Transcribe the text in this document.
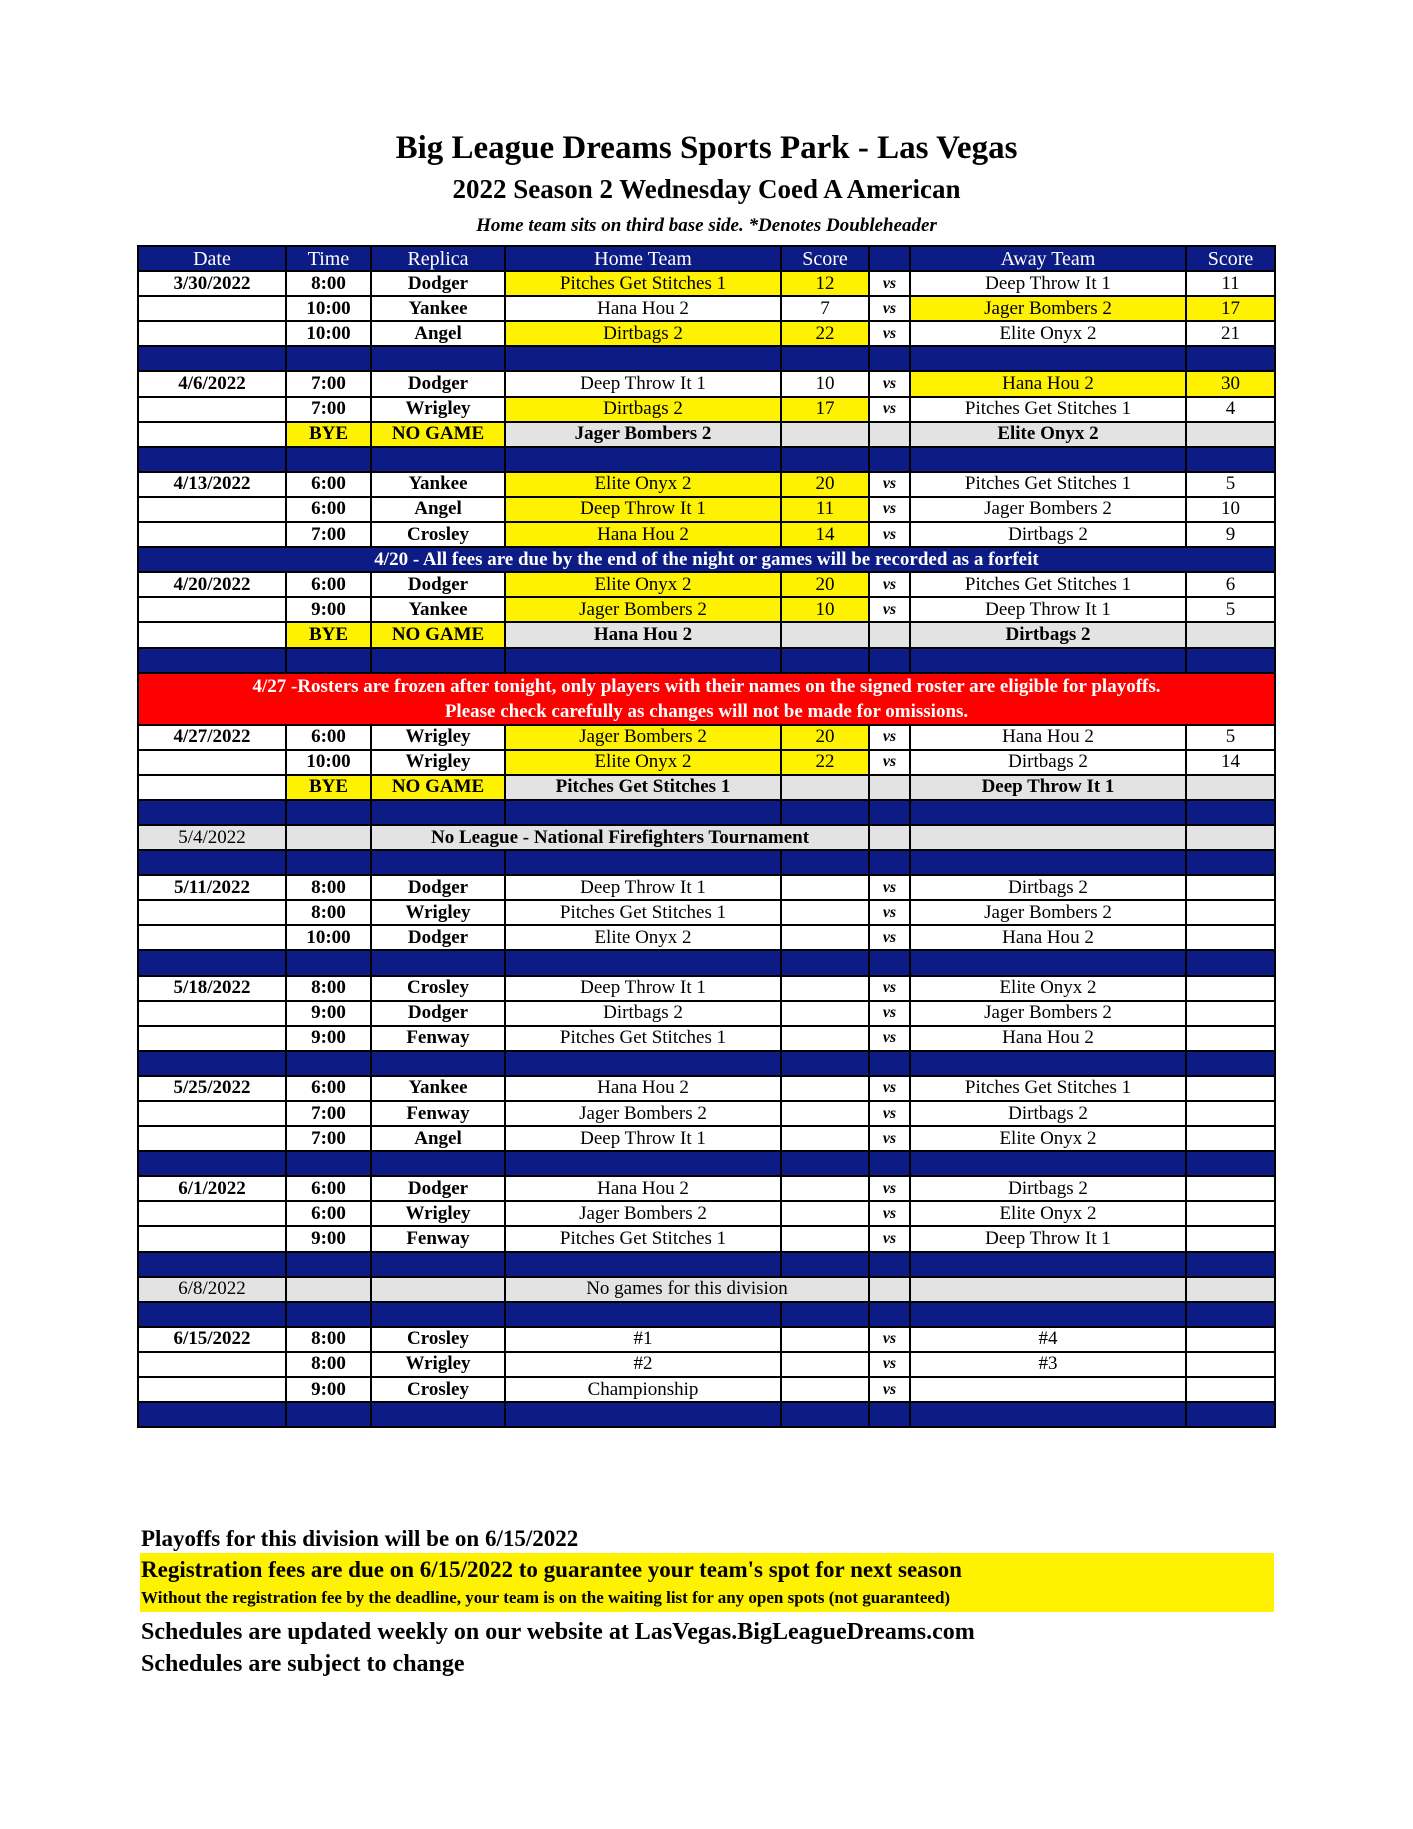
Big League Dreams Sports Park - Las Vegas
2022 Season 2 Wednesday Coed A American
Home team sits on third base side. *Denotes Doubleheader
Date	Time	Replica	Home Team	Score		Away Team	Score
3/30/2022	8:00	Dodger	Pitches Get Stitches 1	12	vs	Deep Throw It 1	11
	10:00	Yankee	Hana Hou 2	7	vs	Jager Bombers 2	17
	10:00	Angel	Dirtbags 2	22	vs	Elite Onyx 2	21

4/6/2022	7:00	Dodger	Deep Throw It 1	10	vs	Hana Hou 2	30
	7:00	Wrigley	Dirtbags 2	17	vs	Pitches Get Stitches 1	4
	BYE	NO GAME	Jager Bombers 2			Elite Onyx 2	

4/13/2022	6:00	Yankee	Elite Onyx 2	20	vs	Pitches Get Stitches 1	5
	6:00	Angel	Deep Throw It 1	11	vs	Jager Bombers 2	10
	7:00	Crosley	Hana Hou 2	14	vs	Dirtbags 2	9
4/20 - All fees are due by the end of the night or games will be recorded as a forfeit							
4/20/2022	6:00	Dodger	Elite Onyx 2	20	vs	Pitches Get Stitches 1	6
	9:00	Yankee	Jager Bombers 2	10	vs	Deep Throw It 1	5
	BYE	NO GAME	Hana Hou 2			Dirtbags 2	

4/27 -Rosters are frozen after tonight, only players with their names on the signed roster are eligible for playoffs.
Please check carefully as changes will not be made for omissions.							

4/27/2022	6:00	Wrigley	Jager Bombers 2	20	vs	Hana Hou 2	5
	10:00	Wrigley	Elite Onyx 2	22	vs	Dirtbags 2	14
	BYE	NO GAME	Pitches Get Stitches 1			Deep Throw It 1	

5/4/2022		No League - National Firefighters Tournament					

5/11/2022	8:00	Dodger	Deep Throw It 1		vs	Dirtbags 2	
	8:00	Wrigley	Pitches Get Stitches 1		vs	Jager Bombers 2	
	10:00	Dodger	Elite Onyx 2		vs	Hana Hou 2	

5/18/2022	8:00	Crosley	Deep Throw It 1		vs	Elite Onyx 2	
	9:00	Dodger	Dirtbags 2		vs	Jager Bombers 2	
	9:00	Fenway	Pitches Get Stitches 1		vs	Hana Hou 2	

5/25/2022	6:00	Yankee	Hana Hou 2		vs	Pitches Get Stitches 1	
	7:00	Fenway	Jager Bombers 2		vs	Dirtbags 2	
	7:00	Angel	Deep Throw It 1		vs	Elite Onyx 2	

6/1/2022	6:00	Dodger	Hana Hou 2		vs	Dirtbags 2	
	6:00	Wrigley	Jager Bombers 2		vs	Elite Onyx 2	
	9:00	Fenway	Pitches Get Stitches 1		vs	Deep Throw It 1	

6/8/2022			No games for this division				

6/15/2022	8:00	Crosley	#1		vs	#4	
	8:00	Wrigley	#2		vs	#3	
	9:00	Crosley	Championship		vs		

Playoffs for this division will be on 6/15/2022
Registration fees are due on 6/15/2022 to guarantee your team's spot for next season
Without the registration fee by the deadline, your team is on the waiting list for any open spots (not guaranteed)
Schedules are updated weekly on our website at LasVegas.BigLeagueDreams.com
Schedules are subject to change
